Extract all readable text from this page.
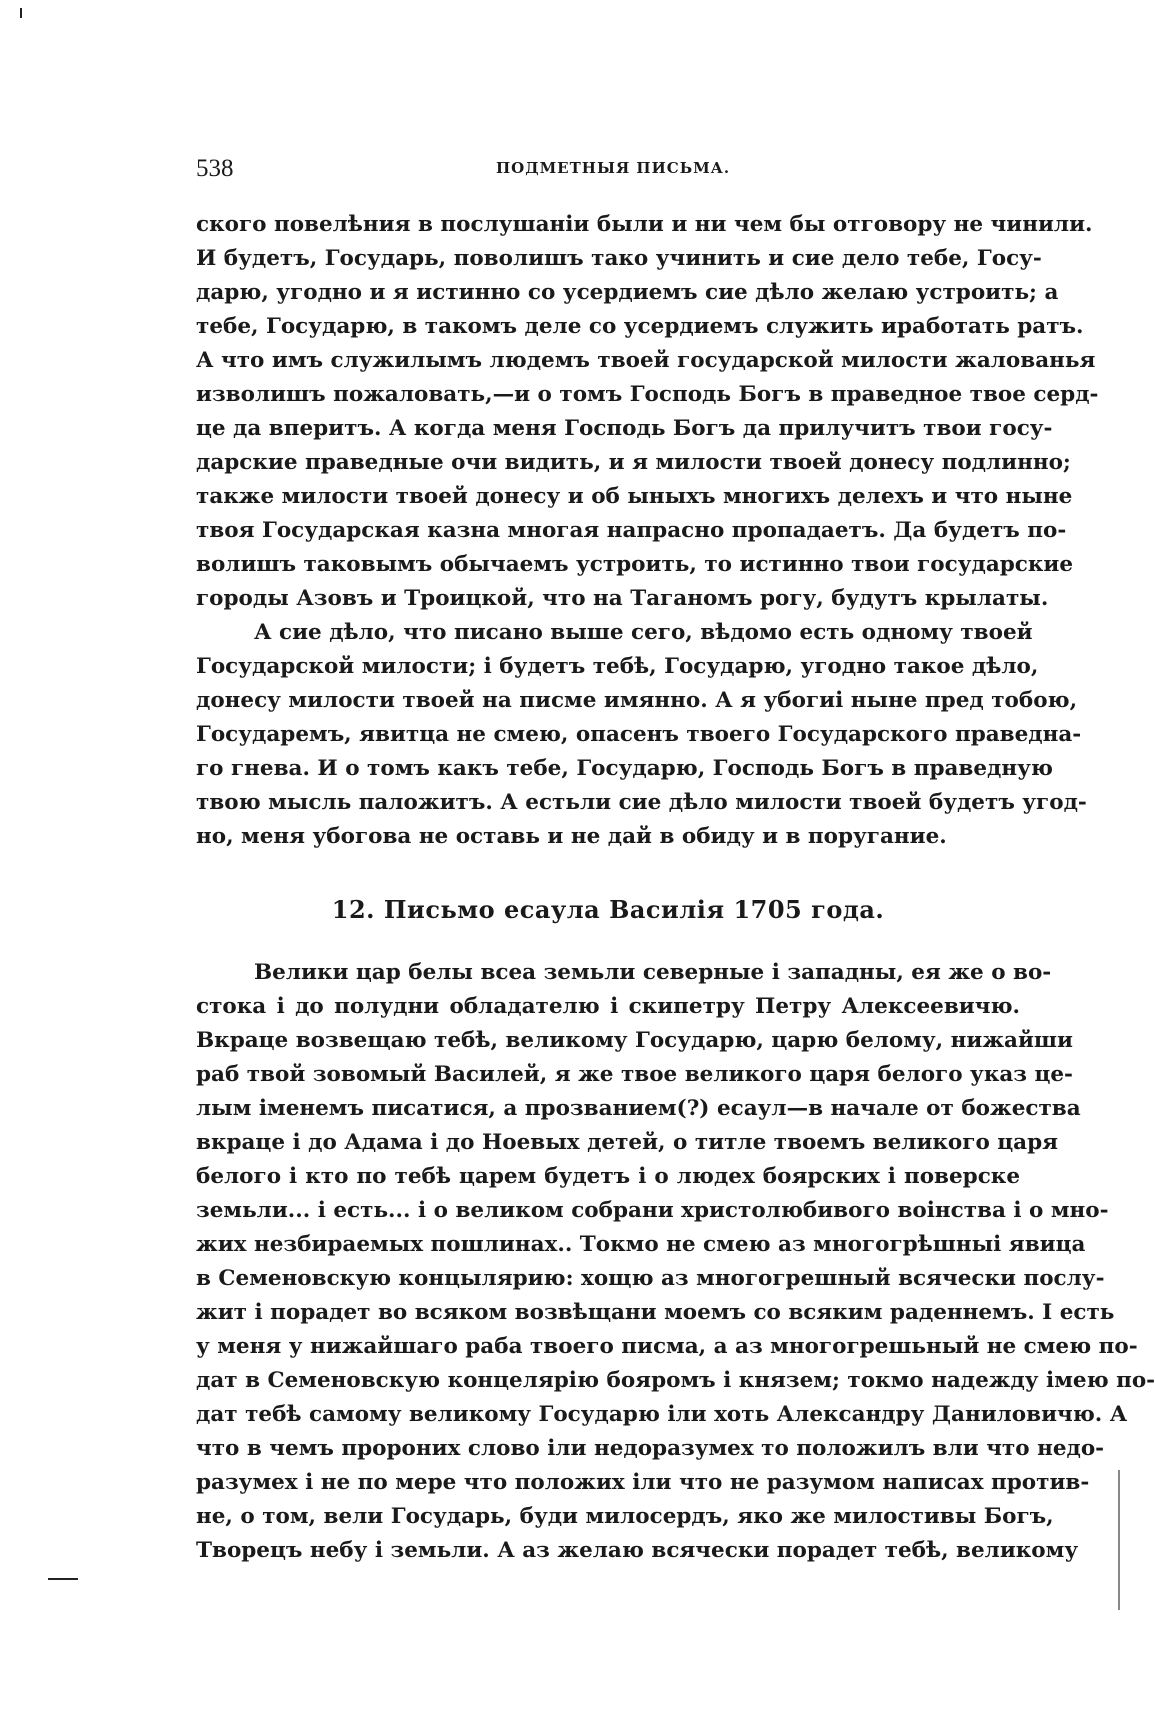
538	ПОДМЕТНЫЯ ПИСЬМА.
ского повелѣния в послушанiи были и ни чем бы отговору не чинили.
И будетъ, Государь, поволишъ тако учинить и сие дело тебе, Госу-
дарю, угодно и я истинно со усердиемъ сие дѣло желаю устроить; а
тебе, Государю, в такомъ деле со усердиемъ служить иработать ратъ.
А что имъ служилымъ людемъ твоей государской милости жалованья
изволишъ пожаловать,—и о томъ Господь Богъ в праведное твое серд-
це да вперитъ. А когда меня Господь Богъ да прилучитъ твои госу-
дарские праведные очи видить, и я милости твоей донесу подлинно;
также милости твоей донесу и об ыныхъ многихъ делехъ и что ныне
твоя Государская казна многая напрасно пропадаетъ. Да будетъ по-
волишъ таковымъ обычаемъ устроить, то истинно твои государские
городы Азовъ и Троицкой, что на Таганомъ рогу, будутъ крылаты.
А сие дѣло, что писано выше сего, вѣдомо есть одному твоей
Государской милости; i будетъ тебѣ, Государю, угодно такое дѣло,
донесу милости твоей на писме имянно. А я убогиi ныне пред тобою,
Государемъ, явитца не смею, опасенъ твоего Государского праведна-
го гнева. И о томъ какъ тебе, Государю, Господь Богъ в праведную
твою мысль паложитъ. А естьли сие дѣло милости твоей будетъ угод-
но, меня убогова не оставь и не дай в обиду и в поругание.
12. Письмо есаула Василiя 1705 года.
Велики цар белы всеа земьли северные i западны, ея же о во-
стока i до полудни обладателю i скипетру Петру Алексеевичю.
Вкраце возвещаю тебѣ, великому Государю, царю белому, нижайши
раб твой зовомый Василей, я же твое великого царя белого указ це-
лым iменемъ писатися, а прозванием(?) есаул—в начале от божества
вкраце i до Адама i до Ноевых детей, о титле твоемъ великого царя
белого i кто по тебѣ царем будетъ i о людех боярских i поверске
земьли... i есть... i о великом собрани христолюбивого воiнства i о мно-
жих незбираемых пошлинах.. Токмо не смею аз многогрѣшныi явица
в Семеновскую концылярию: хощю аз многогрешный всячески послу-
жит i порадет во всяком возвѣщани моемъ со всяким раденнемъ. I есть
у меня у нижайшаго раба твоего писма, а аз многогрешьный не смею по-
дат в Семеновскую концелярiю бояромъ i князем; токмо надежду iмею по-
дат тебѣ самому великому Государю iли хоть Александру Даниловичю. А
что в чемъ пророних слово iли недоразумех то положилъ вли что недо-
разумех i не по мере что положих iли что не разумом написах против-
не, о том, вели Государь, буди милосердъ, яко же милостивы Богъ,
Творецъ небу i земьли. А аз желаю всячески порадет тебѣ, великому
